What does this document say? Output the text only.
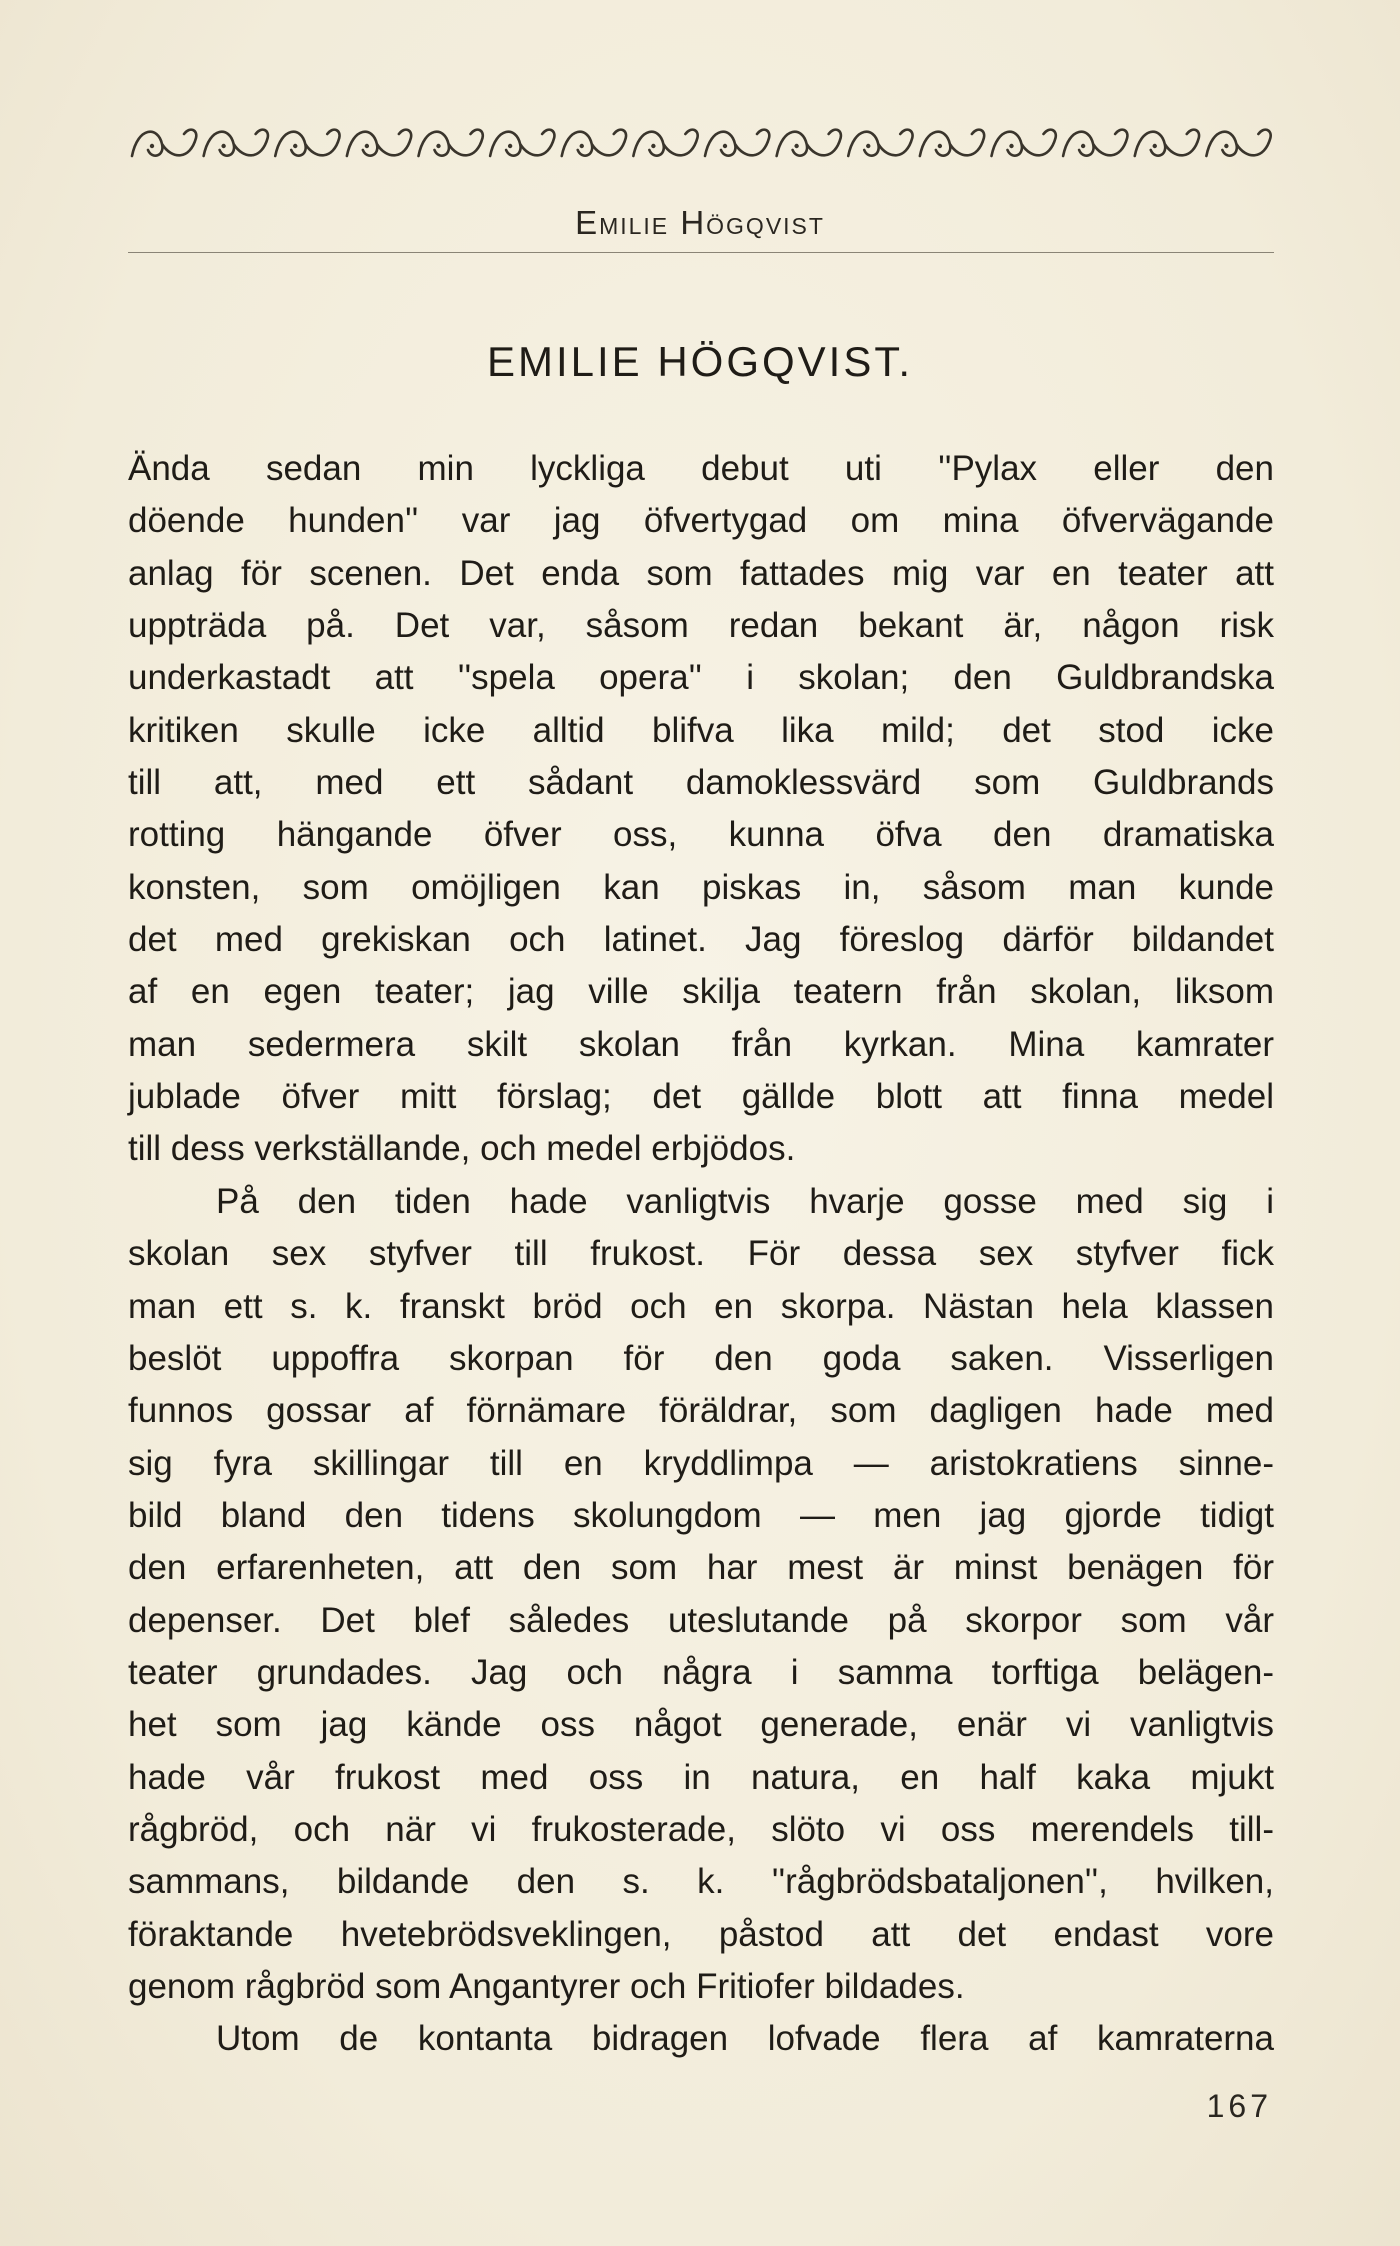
Emilie Högqvist
EMILIE HÖGQVIST.
Ända sedan min lyckliga debut uti ''Pylax eller den
döende hunden'' var jag öfvertygad om mina öfvervägande
anlag för scenen. Det enda som fattades mig var en teater att
uppträda på. Det var, såsom redan bekant är, någon risk
underkastadt att ''spela opera'' i skolan; den Guldbrandska
kritiken skulle icke alltid blifva lika mild; det stod icke
till att, med ett sådant damoklessvärd som Guldbrands
rotting hängande öfver oss, kunna öfva den dramatiska
konsten, som omöjligen kan piskas in, såsom man kunde
det med grekiskan och latinet. Jag föreslog därför bildandet
af en egen teater; jag ville skilja teatern från skolan, liksom
man sedermera skilt skolan från kyrkan. Mina kamrater
jublade öfver mitt förslag; det gällde blott att finna medel
till dess verkställande, och medel erbjödos.
På den tiden hade vanligtvis hvarje gosse med sig i
skolan sex styfver till frukost. För dessa sex styfver fick
man ett s. k. franskt bröd och en skorpa. Nästan hela klassen
beslöt uppoffra skorpan för den goda saken. Visserligen
funnos gossar af förnämare föräldrar, som dagligen hade med
sig fyra skillingar till en kryddlimpa — aristokratiens sinne-
bild bland den tidens skolungdom — men jag gjorde tidigt
den erfarenheten, att den som har mest är minst benägen för
depenser. Det blef således uteslutande på skorpor som vår
teater grundades. Jag och några i samma torftiga belägen-
het som jag kände oss något generade, enär vi vanligtvis
hade vår frukost med oss in natura, en half kaka mjukt
rågbröd, och när vi frukosterade, slöto vi oss merendels till-
sammans, bildande den s. k. ''rågbrödsbataljonen'', hvilken,
föraktande hvetebrödsveklingen, påstod att det endast vore
genom rågbröd som Angantyrer och Fritiofer bildades.
Utom de kontanta bidragen lofvade flera af kamraterna
167
